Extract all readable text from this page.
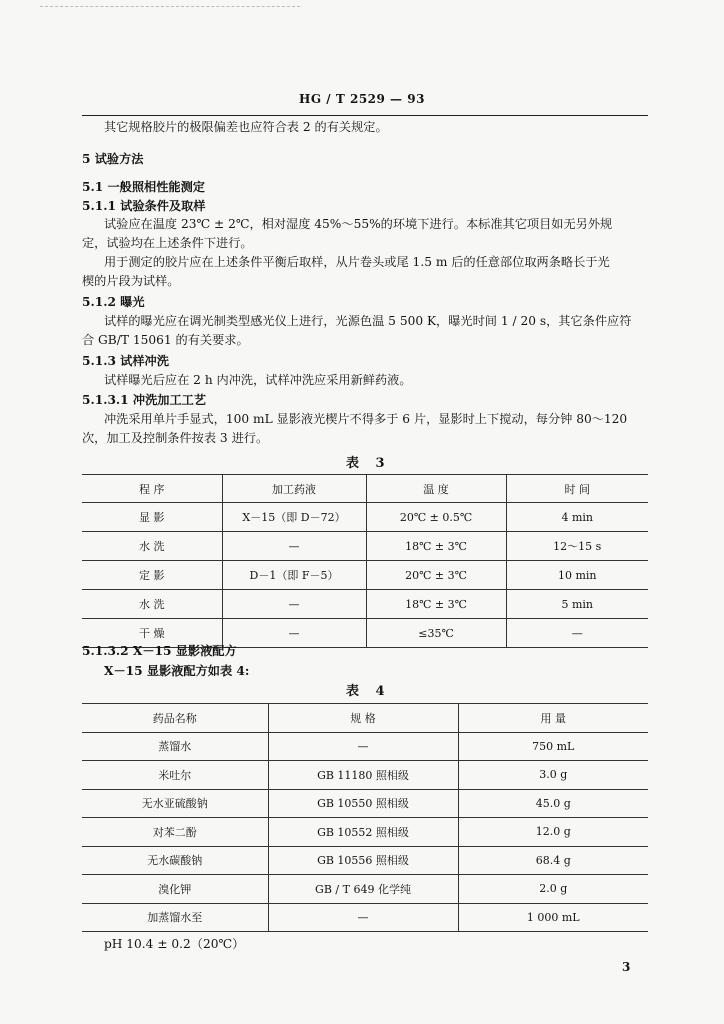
HG / T 2529 — 93
其它规格胶片的极限偏差也应符合表 2 的有关规定。
5 试验方法
5.1 一般照相性能测定
5.1.1 试验条件及取样
试验应在温度 23℃ ± 2℃，相对湿度 45%～55%的环境下进行。本标准其它项目如无另外规
定，试验均在上述条件下进行。
用于测定的胶片应在上述条件平衡后取样，从片卷头或尾 1.5 m 后的任意部位取两条略长于光
楔的片段为试样。
5.1.2 曝光
试样的曝光应在调光制类型感光仪上进行，光源色温 5 500 K，曝光时间 1 / 20 s，其它条件应符
合 GB/T 15061 的有关要求。
5.1.3 试样冲洗
试样曝光后应在 2 h 内冲洗，试样冲洗应采用新鲜药液。
5.1.3.1 冲洗加工工艺
冲洗采用单片手显式，100 mL 显影液光楔片不得多于 6 片，显影时上下搅动，每分钟 80～120
次，加工及控制条件按表 3 进行。
表 3
程 序	加工药液	温 度	时 间
显 影	X－15（即 D－72）	20℃ ± 0.5℃	4 min
水 洗	—	18℃ ± 3℃	12～15 s
定 影	D－1（即 F－5）	20℃ ± 3℃	10 min
水 洗	—	18℃ ± 3℃	5 min
干 燥	—	≤35℃	—
5.1.3.2 X－15 显影液配方
X－15 显影液配方如表 4:
表 4
药品名称	规 格	用 量
蒸馏水	—	750 mL
米吐尔	GB 11180 照相级	3.0 g
无水亚硫酸钠	GB 10550 照相级	45.0 g
对苯二酚	GB 10552 照相级	12.0 g
无水碳酸钠	GB 10556 照相级	68.4 g
溴化钾	GB / T 649 化学纯	2.0 g
加蒸馏水至	—	1 000 mL
pH 10.4 ± 0.2（20℃）
3
